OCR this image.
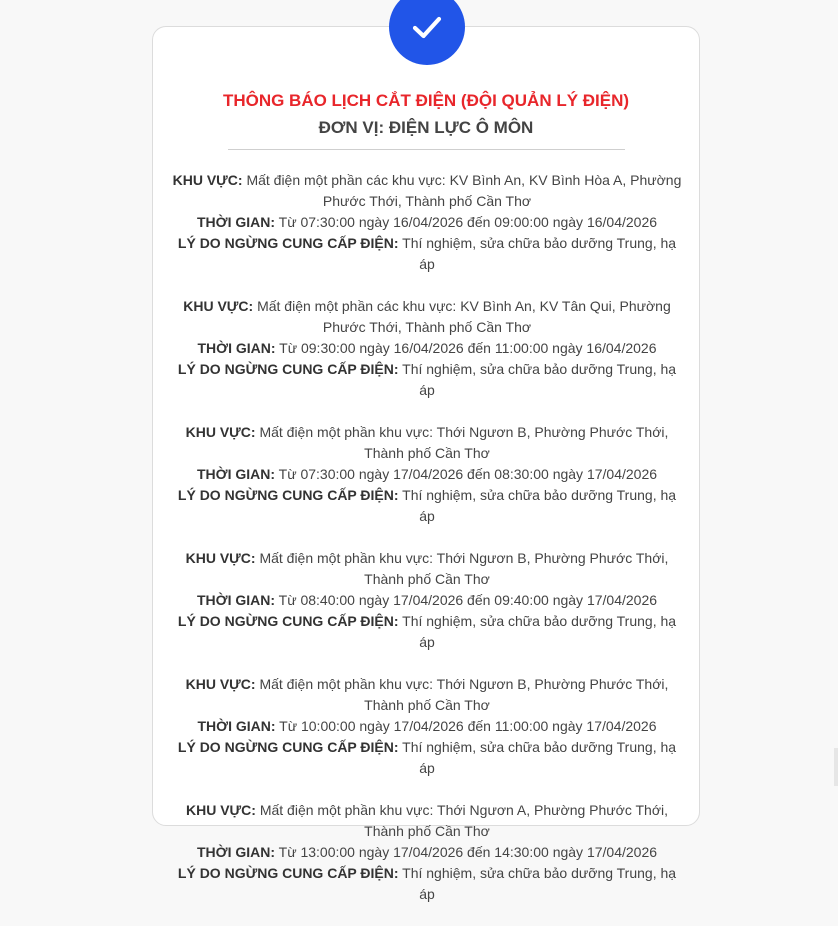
THÔNG BÁO LỊCH CẮT ĐIỆN (ĐỘI QUẢN LÝ ĐIỆN)
ĐƠN VỊ: ĐIỆN LỰC Ô MÔN

KHU VỰC: Mất điện một phần các khu vực: KV Bình An, KV Bình Hòa A, Phường Phước Thới, Thành phố Cần Thơ

THỜI GIAN: Từ 07:30:00 ngày 16/04/2026 đến 09:00:00 ngày 16/04/2026

LÝ DO NGỪNG CUNG CẤP ĐIỆN: Thí nghiệm, sửa chữa bảo dưỡng Trung, hạ áp

KHU VỰC: Mất điện một phần các khu vực: KV Bình An, KV Tân Qui, Phường Phước Thới, Thành phố Cần Thơ

THỜI GIAN: Từ 09:30:00 ngày 16/04/2026 đến 11:00:00 ngày 16/04/2026

LÝ DO NGỪNG CUNG CẤP ĐIỆN: Thí nghiệm, sửa chữa bảo dưỡng Trung, hạ áp

KHU VỰC: Mất điện một phần khu vực: Thới Ngươn B, Phường Phước Thới, Thành phố Cần Thơ

THỜI GIAN: Từ 07:30:00 ngày 17/04/2026 đến 08:30:00 ngày 17/04/2026

LÝ DO NGỪNG CUNG CẤP ĐIỆN: Thí nghiệm, sửa chữa bảo dưỡng Trung, hạ áp

KHU VỰC: Mất điện một phần khu vực: Thới Ngươn B, Phường Phước Thới, Thành phố Cần Thơ

THỜI GIAN: Từ 08:40:00 ngày 17/04/2026 đến 09:40:00 ngày 17/04/2026

LÝ DO NGỪNG CUNG CẤP ĐIỆN: Thí nghiệm, sửa chữa bảo dưỡng Trung, hạ áp

KHU VỰC: Mất điện một phần khu vực: Thới Ngươn B, Phường Phước Thới, Thành phố Cần Thơ

THỜI GIAN: Từ 10:00:00 ngày 17/04/2026 đến 11:00:00 ngày 17/04/2026

LÝ DO NGỪNG CUNG CẤP ĐIỆN: Thí nghiệm, sửa chữa bảo dưỡng Trung, hạ áp

KHU VỰC: Mất điện một phần khu vực: Thới Ngươn A, Phường Phước Thới, Thành phố Cần Thơ

THỜI GIAN: Từ 13:00:00 ngày 17/04/2026 đến 14:30:00 ngày 17/04/2026

LÝ DO NGỪNG CUNG CẤP ĐIỆN: Thí nghiệm, sửa chữa bảo dưỡng Trung, hạ áp
